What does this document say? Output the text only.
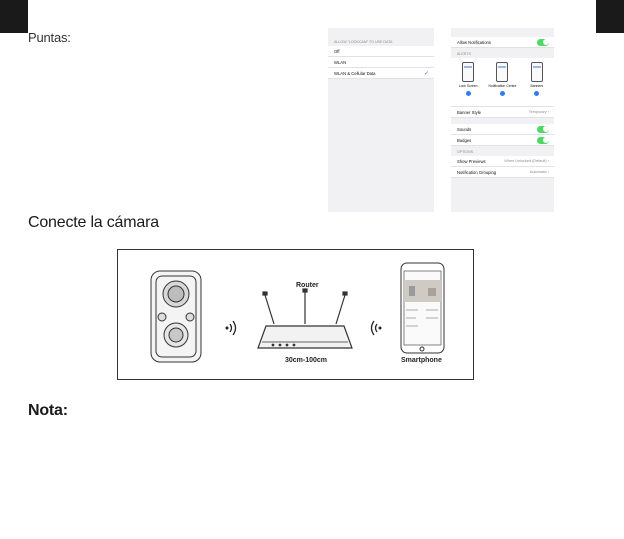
Puntas:	ALLOW "LOOKCAM" TO USE DATA
Off
WLAN
WLAN & Cellular Data	✓
Allow Notifications
ALERTS
Lock Screen	Notification Centre	Banners
Banner Style	Temporary ›
Sounds
Badges
OPTIONS
Show Previews	When Unlocked (Default) ›
Notification Grouping	Automatic ›
Conecte la cámara
Router
30cm-100cm	Smartphone
Nota:
